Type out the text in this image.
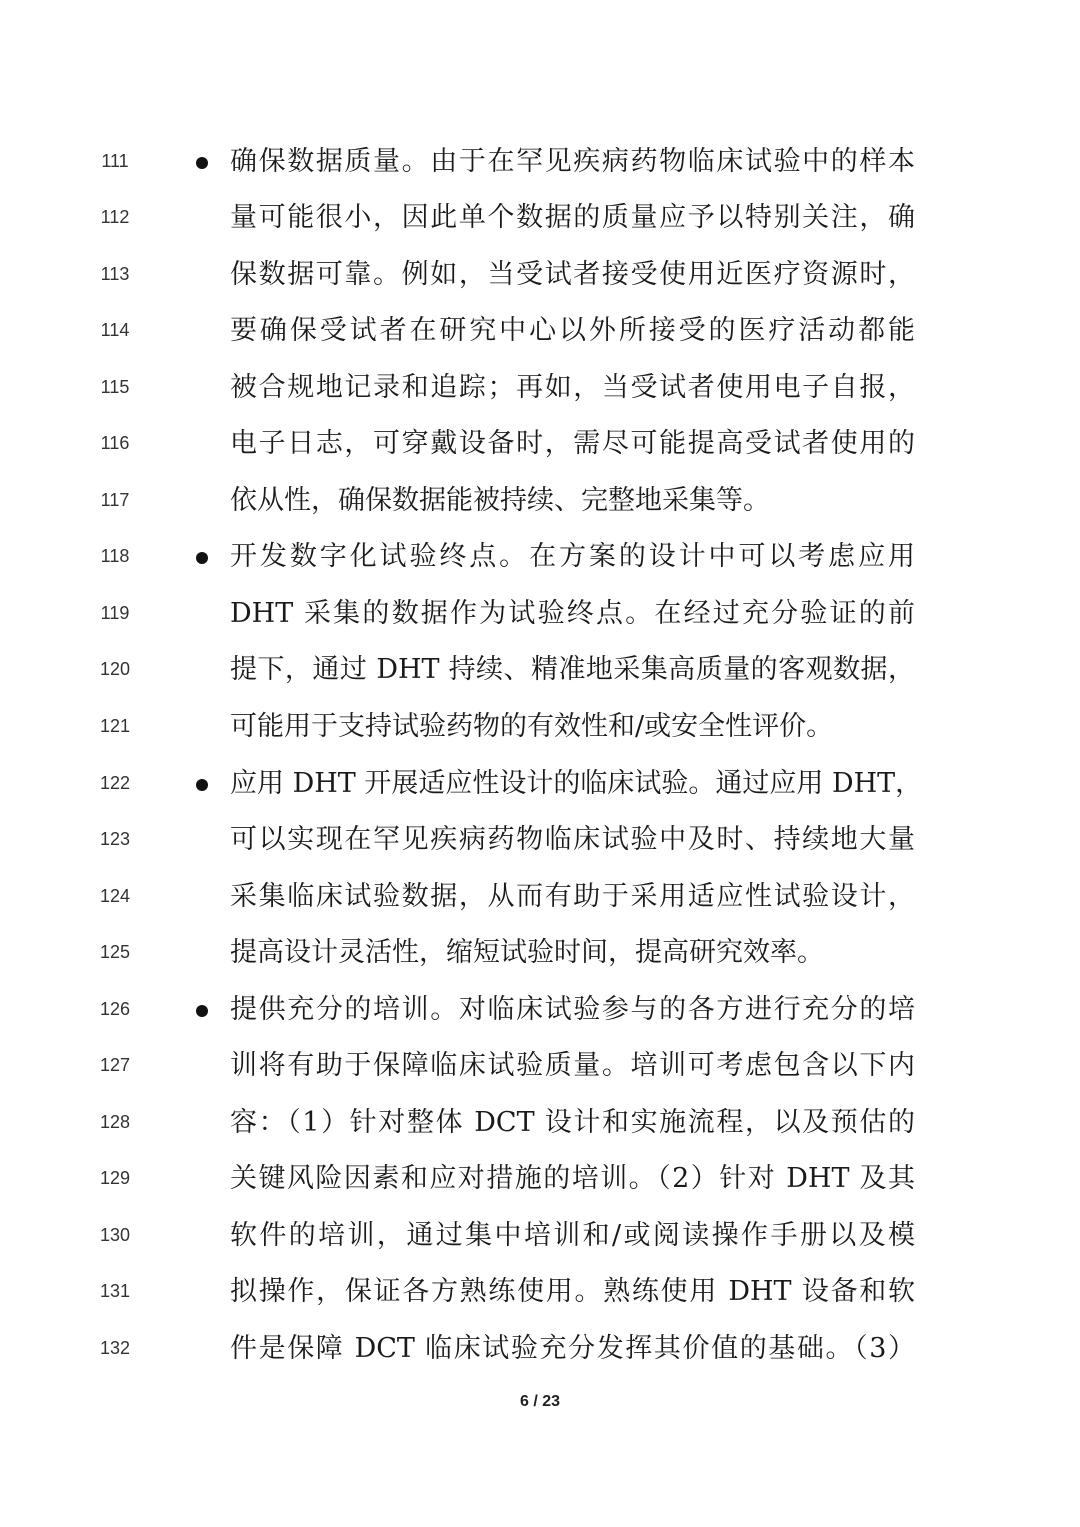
111	确保数据质量。由于在罕见疾病药物临床试验中的样本
112	量可能很小，因此单个数据的质量应予以特别关注，确
113	保数据可靠。例如，当受试者接受使用近医疗资源时，
114	要确保受试者在研究中心以外所接受的医疗活动都能
115	被合规地记录和追踪；再如，当受试者使用电子自报，
116	电子日志，可穿戴设备时，需尽可能提高受试者使用的
117	依从性，确保数据能被持续、完整地采集等。
118	开发数字化试验终点。在方案的设计中可以考虑应用
119	DHT 采集的数据作为试验终点。在经过充分验证的前
120	提下，通过 DHT 持续、精准地采集高质量的客观数据，
121	可能用于支持试验药物的有效性和/或安全性评价。
122	应用 DHT 开展适应性设计的临床试验。通过应用 DHT，
123	可以实现在罕见疾病药物临床试验中及时、持续地大量
124	采集临床试验数据，从而有助于采用适应性试验设计，
125	提高设计灵活性，缩短试验时间，提高研究效率。
126	提供充分的培训。对临床试验参与的各方进行充分的培
127	训将有助于保障临床试验质量。培训可考虑包含以下内
128	容：（1）针对整体 DCT 设计和实施流程，以及预估的
129	关键风险因素和应对措施的培训。（2）针对 DHT 及其
130	软件的培训，通过集中培训和/或阅读操作手册以及模
131	拟操作，保证各方熟练使用。熟练使用 DHT 设备和软
132	件是保障 DCT 临床试验充分发挥其价值的基础。（3）
6 / 23
